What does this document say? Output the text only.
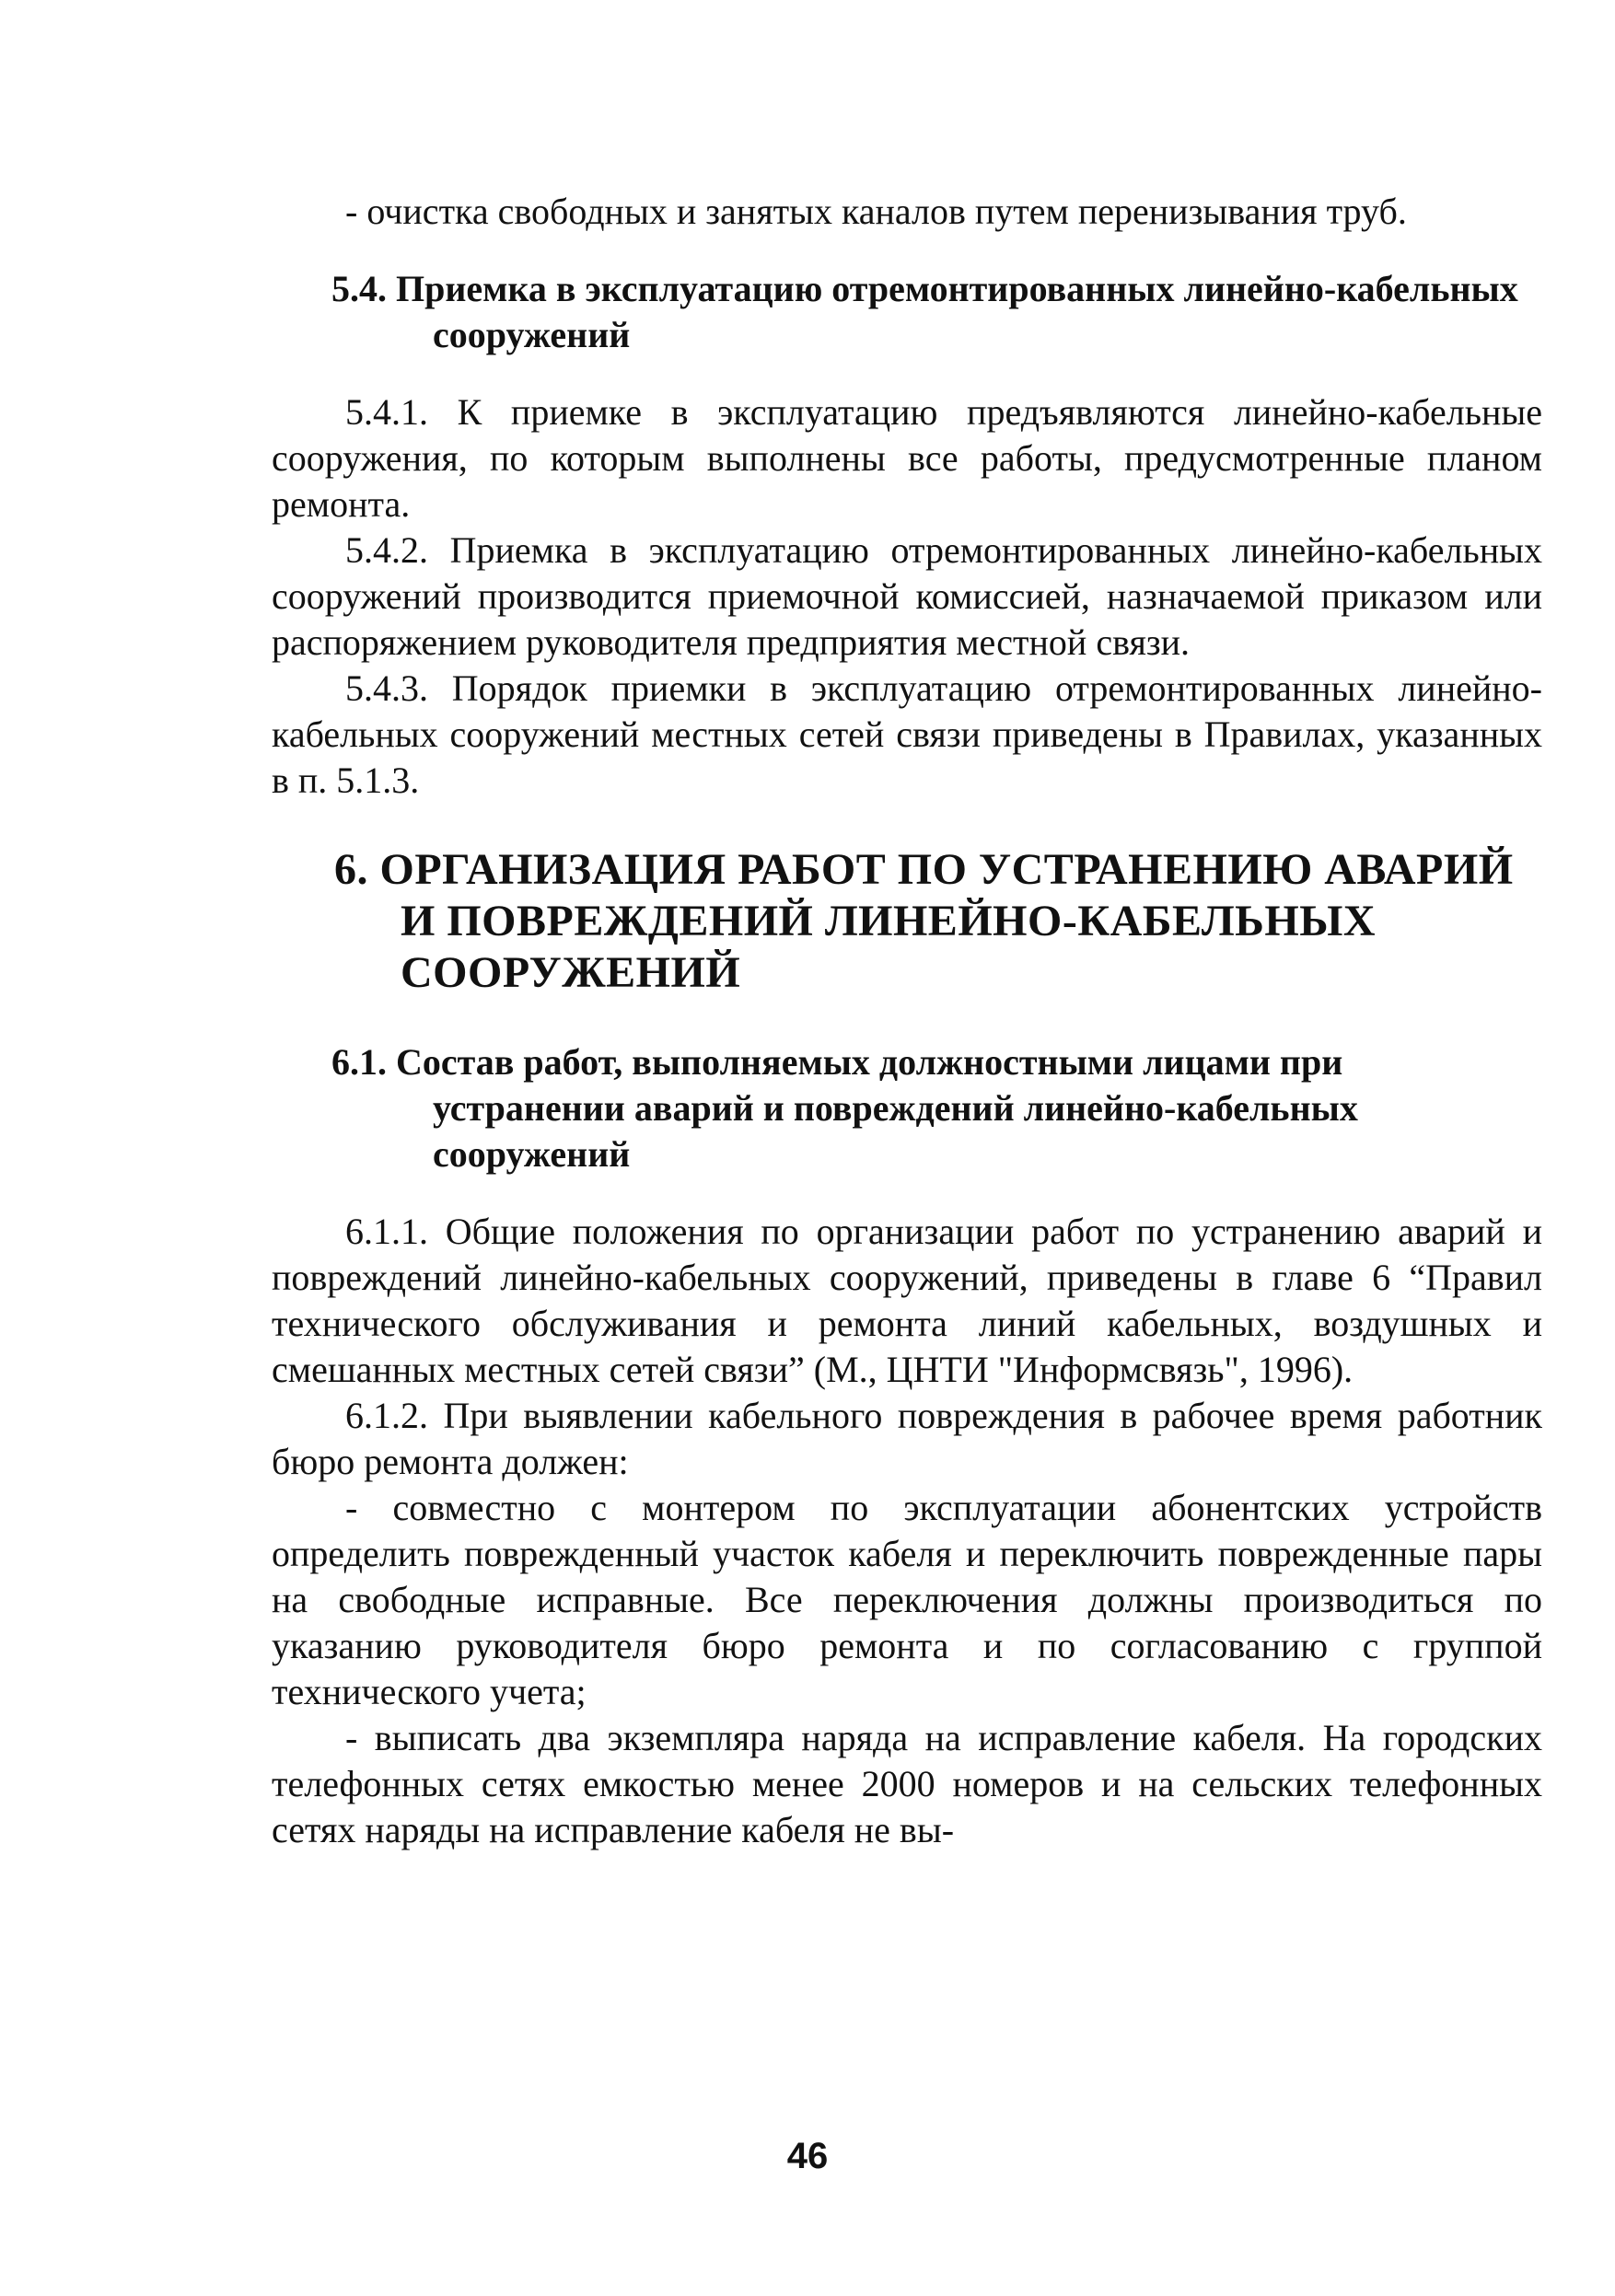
- очистка свободных и занятых каналов путем перенизывания труб.

5.4. Приемка в эксплуатацию отремонтированных линейно-кабельных сооружений

5.4.1. К приемке в эксплуатацию предъявляются линейно-кабельные сооружения, по которым выполнены все работы, предусмотренные планом ремонта.

5.4.2. Приемка в эксплуатацию отремонтированных линейно-кабельных сооружений производится приемочной комиссией, назначаемой приказом или распоряжением руководителя предприятия местной связи.

5.4.3. Порядок приемки в эксплуатацию отремонтированных линейно-кабельных сооружений местных сетей связи приведены в Правилах, указанных в п. 5.1.3.

6. ОРГАНИЗАЦИЯ РАБОТ ПО УСТРАНЕНИЮ АВАРИЙ И ПОВРЕЖДЕНИЙ ЛИНЕЙНО-КАБЕЛЬНЫХ СООРУЖЕНИЙ

6.1. Состав работ, выполняемых должностными лицами при устранении аварий и повреждений линейно-кабельных сооружений

6.1.1. Общие положения по организации работ по устранению аварий и повреждений линейно-кабельных сооружений, приведены в главе 6 “Правил технического обслуживания и ремонта линий кабельных, воздушных и смешанных местных сетей связи” (М., ЦНТИ "Информсвязь", 1996).

6.1.2. При выявлении кабельного повреждения в рабочее время работник бюро ремонта должен:

- совместно с монтером по эксплуатации абонентских устройств определить поврежденный участок кабеля и переключить поврежденные пары на свободные исправные. Все переключения должны производиться по указанию руководителя бюро ремонта и по согласованию с группой технического учета;

- выписать два экземпляра наряда на исправление кабеля. На городских телефонных сетях емкостью менее 2000 номеров и на сельских телефонных сетях наряды на исправление кабеля не вы-

46
